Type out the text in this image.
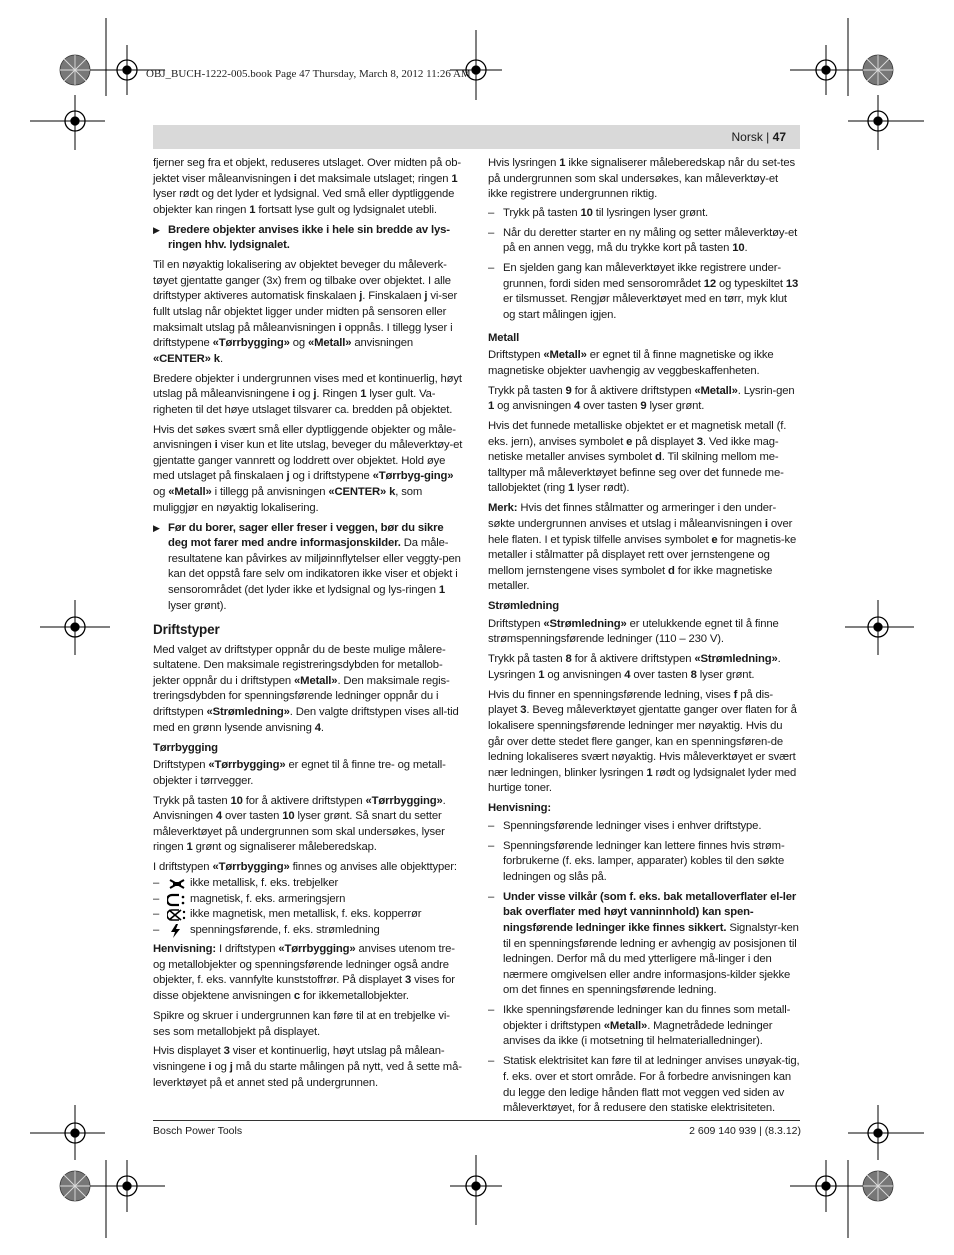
OBJ_BUCH-1222-005.book Page 47 Thursday, March 8, 2012 11:26 AM
Norsk | 47

fjerner seg fra et objekt, reduseres utslaget. Over midten på ob-jektet viser måleanvisningen i det maksimale utslaget; ringen 1 lyser rødt og det lyder et lydsignal. Ved små eller dyptliggende objekter kan ringen 1 fortsatt lyse gult og lydsignalet utebli.

▶ Bredere objekter anvises ikke i hele sin bredde av lys-ringen hhv. lydsignalet.

Til en nøyaktig lokalisering av objektet beveger du måleverk-tøyet gjentatte ganger (3x) frem og tilbake over objektet. I alle driftstyper aktiveres automatisk finskalaen j. Finskalaen j vi-ser fullt utslag når objektet ligger under midten på sensoren eller maksimalt utslag på måleanvisningen i oppnås. I tillegg lyser i driftstypene «Tørrbygging» og «Metall» anvisningen «CENTER» k.

Bredere objekter i undergrunnen vises med et kontinuerlig, høyt utslag på måleanvisningene i og j. Ringen 1 lyser gult. Va-righeten til det høye utslaget tilsvarer ca. bredden på objektet.

Hvis det søkes svært små eller dyptliggende objekter og måle-anvisningen i viser kun et lite utslag, beveger du måleverktøy-et gjentatte ganger vannrett og loddrett over objektet. Hold øye med utslaget på finskalaen j og i driftstypene «Tørrbyg-ging» og «Metall» i tillegg på anvisningen «CENTER» k, som muliggjør en nøyaktig lokalisering.

▶ Før du borer, sager eller freser i veggen, bør du sikre deg mot farer med andre informasjonskilder. Da måle-resultatene kan påvirkes av miljøinnflytelser eller veggty-pen kan det oppstå fare selv om indikatoren ikke viser et objekt i sensorområdet (det lyder ikke et lydsignal og lys-ringen 1 lyser grønt).

Driftstyper

Med valget av driftstyper oppnår du de beste mulige målere-sultatene. Den maksimale registreringsdybden for metallob-jekter oppnår du i driftstypen «Metall». Den maksimale regis-treringsdybden for spenningsførende ledninger oppnår du i driftstypen «Strømledning». Den valgte driftstypen vises all-tid med en grønn lysende anvisning 4.

Tørrbygging

Driftstypen «Tørrbygging» er egnet til å finne tre- og metall-objekter i tørrvegger.

Trykk på tasten 10 for å aktivere driftstypen «Tørrbygging». Anvisningen 4 over tasten 10 lyser grønt. Så snart du setter måleverktøyet på undergrunnen som skal undersøkes, lyser ringen 1 grønt og signaliserer måleberedskap.

I driftstypen «Tørrbygging» finnes og anvises alle objekttyper:

–	ikke metallisk, f. eks. trebjelker
–	magnetisk, f. eks. armeringsjern
–	ikke magnetisk, men metallisk, f. eks. kopperrør
–	spenningsførende, f. eks. strømledning

Henvisning: I driftstypen «Tørrbygging» anvises utenom tre-og metallobjekter og spenningsførende ledninger også andre objekter, f. eks. vannfylte kunststoffrør. På displayet 3 vises for disse objektene anvisningen c for ikkemetallobjekter.

Spikre og skruer i undergrunnen kan føre til at en trebjelke vi-ses som metallobjekt på displayet.

Hvis displayet 3 viser et kontinuerlig, høyt utslag på målean-visningene i og j må du starte målingen på nytt, ved å sette må-leverktøyet på et annet sted på undergrunnen.

Hvis lysringen 1 ikke signaliserer måleberedskap når du set-tes på undergrunnen som skal undersøkes, kan måleverktøy-et ikke registrere undergrunnen riktig.

– Trykk på tasten 10 til lysringen lyser grønt.

– Når du deretter starter en ny måling og setter måleverktøy-et på en annen vegg, må du trykke kort på tasten 10.

– En sjelden gang kan måleverktøyet ikke registrere under-grunnen, fordi siden med sensorområdet 12 og typeskiltet 13 er tilsmusset. Rengjør måleverktøyet med en tørr, myk klut og start målingen igjen.

Metall

Driftstypen «Metall» er egnet til å finne magnetiske og ikke magnetiske objekter uavhengig av veggbeskaffenheten.

Trykk på tasten 9 for å aktivere driftstypen «Metall». Lysrin-gen 1 og anvisningen 4 over tasten 9 lyser grønt.

Hvis det funnede metalliske objektet er et magnetisk metall (f. eks. jern), anvises symbolet e på displayet 3. Ved ikke mag-netiske metaller anvises symbolet d. Til skilning mellom me-talltyper må måleverktøyet befinne seg over det funnede me-tallobjektet (ring 1 lyser rødt).

Merk: Hvis det finnes stålmatter og armeringer i den under-søkte undergrunnen anvises et utslag i måleanvisningen i over hele flaten. I et typisk tilfelle anvises symbolet e for magnetis-ke metaller i stålmatter på displayet rett over jernstengene og mellom jernstengene vises symbolet d for ikke magnetiske metaller.

Strømledning

Driftstypen «Strømledning» er utelukkende egnet til å finne strømspenningsførende ledninger (110 – 230 V).

Trykk på tasten 8 for å aktivere driftstypen «Strømledning». Lysringen 1 og anvisningen 4 over tasten 8 lyser grønt.

Hvis du finner en spenningsførende ledning, vises f på dis-playet 3. Beveg måleverktøyet gjentatte ganger over flaten for å lokalisere spenningsførende ledninger mer nøyaktig. Hvis du går over dette stedet flere ganger, kan en spenningsføren-de ledning lokaliseres svært nøyaktig. Hvis måleverktøyet er svært nær ledningen, blinker lysringen 1 rødt og lydsignalet lyder med hurtige toner.

Henvisning:

– Spenningsførende ledninger vises i enhver driftstype.

– Spenningsførende ledninger kan lettere finnes hvis strøm-forbrukerne (f. eks. lamper, apparater) kobles til den søkte ledningen og slås på.

– Under visse vilkår (som f. eks. bak metalloverflater el-ler bak overflater med høyt vanninnhold) kan spen-ningsførende ledninger ikke finnes sikkert. Signalstyr-ken til en spenningsførende ledning er avhengig av posisjonen til ledningen. Derfor må du med ytterligere må-linger i den nærmere omgivelsen eller andre informasjons-kilder sjekke om det finnes en spenningsførende ledning.

– Ikke spenningsførende ledninger kan du finnes som metall-objekter i driftstypen «Metall». Magnetrådede ledninger anvises da ikke (i motsetning til helmaterialledninger).

– Statisk elektrisitet kan føre til at ledninger anvises unøyak-tig, f. eks. over et stort område. For å forbedre anvisningen kan du legge den ledige hånden flatt mot veggen ved siden av måleverktøyet, for å redusere den statiske elektrisiteten.

Bosch Power Tools	2 609 140 939 | (8.3.12)
